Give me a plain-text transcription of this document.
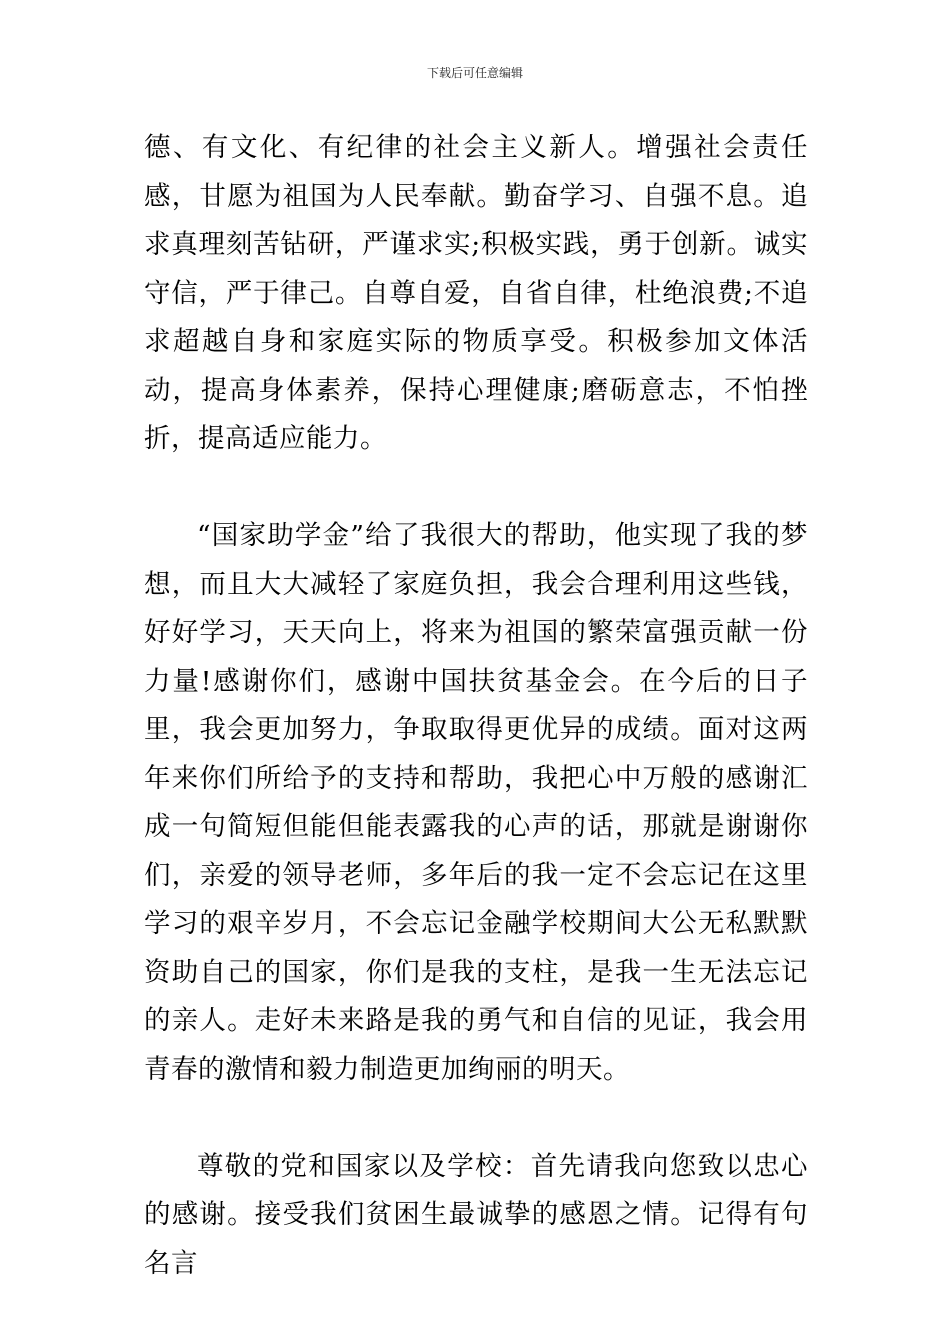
下载后可任意编辑

德、有文化、有纪律的社会主义新人。增强社会责任感，甘愿为祖国为人民奉献。勤奋学习、自强不息。追求真理刻苦钻研，严谨求实;积极实践，勇于创新。诚实守信，严于律己。自尊自爱，自省自律，杜绝浪费;不追求超越自身和家庭实际的物质享受。积极参加文体活动，提高身体素养，保持心理健康;磨砺意志，不怕挫折，提高适应能力。

“国家助学金”给了我很大的帮助，他实现了我的梦想，而且大大减轻了家庭负担，我会合理利用这些钱，好好学习，天天向上，将来为祖国的繁荣富强贡献一份力量!感谢你们，感谢中国扶贫基金会。在今后的日子里，我会更加努力，争取取得更优异的成绩。面对这两年来你们所给予的支持和帮助，我把心中万般的感谢汇成一句简短但能但能表露我的心声的话，那就是谢谢你们，亲爱的领导老师，多年后的我一定不会忘记在这里学习的艰辛岁月，不会忘记金融学校期间大公无私默默资助自己的国家，你们是我的支柱，是我一生无法忘记的亲人。走好未来路是我的勇气和自信的见证，我会用青春的激情和毅力制造更加绚丽的明天。

尊敬的党和国家以及学校：首先请我向您致以忠心的感谢。接受我们贫困生最诚挚的感恩之情。记得有句名言
